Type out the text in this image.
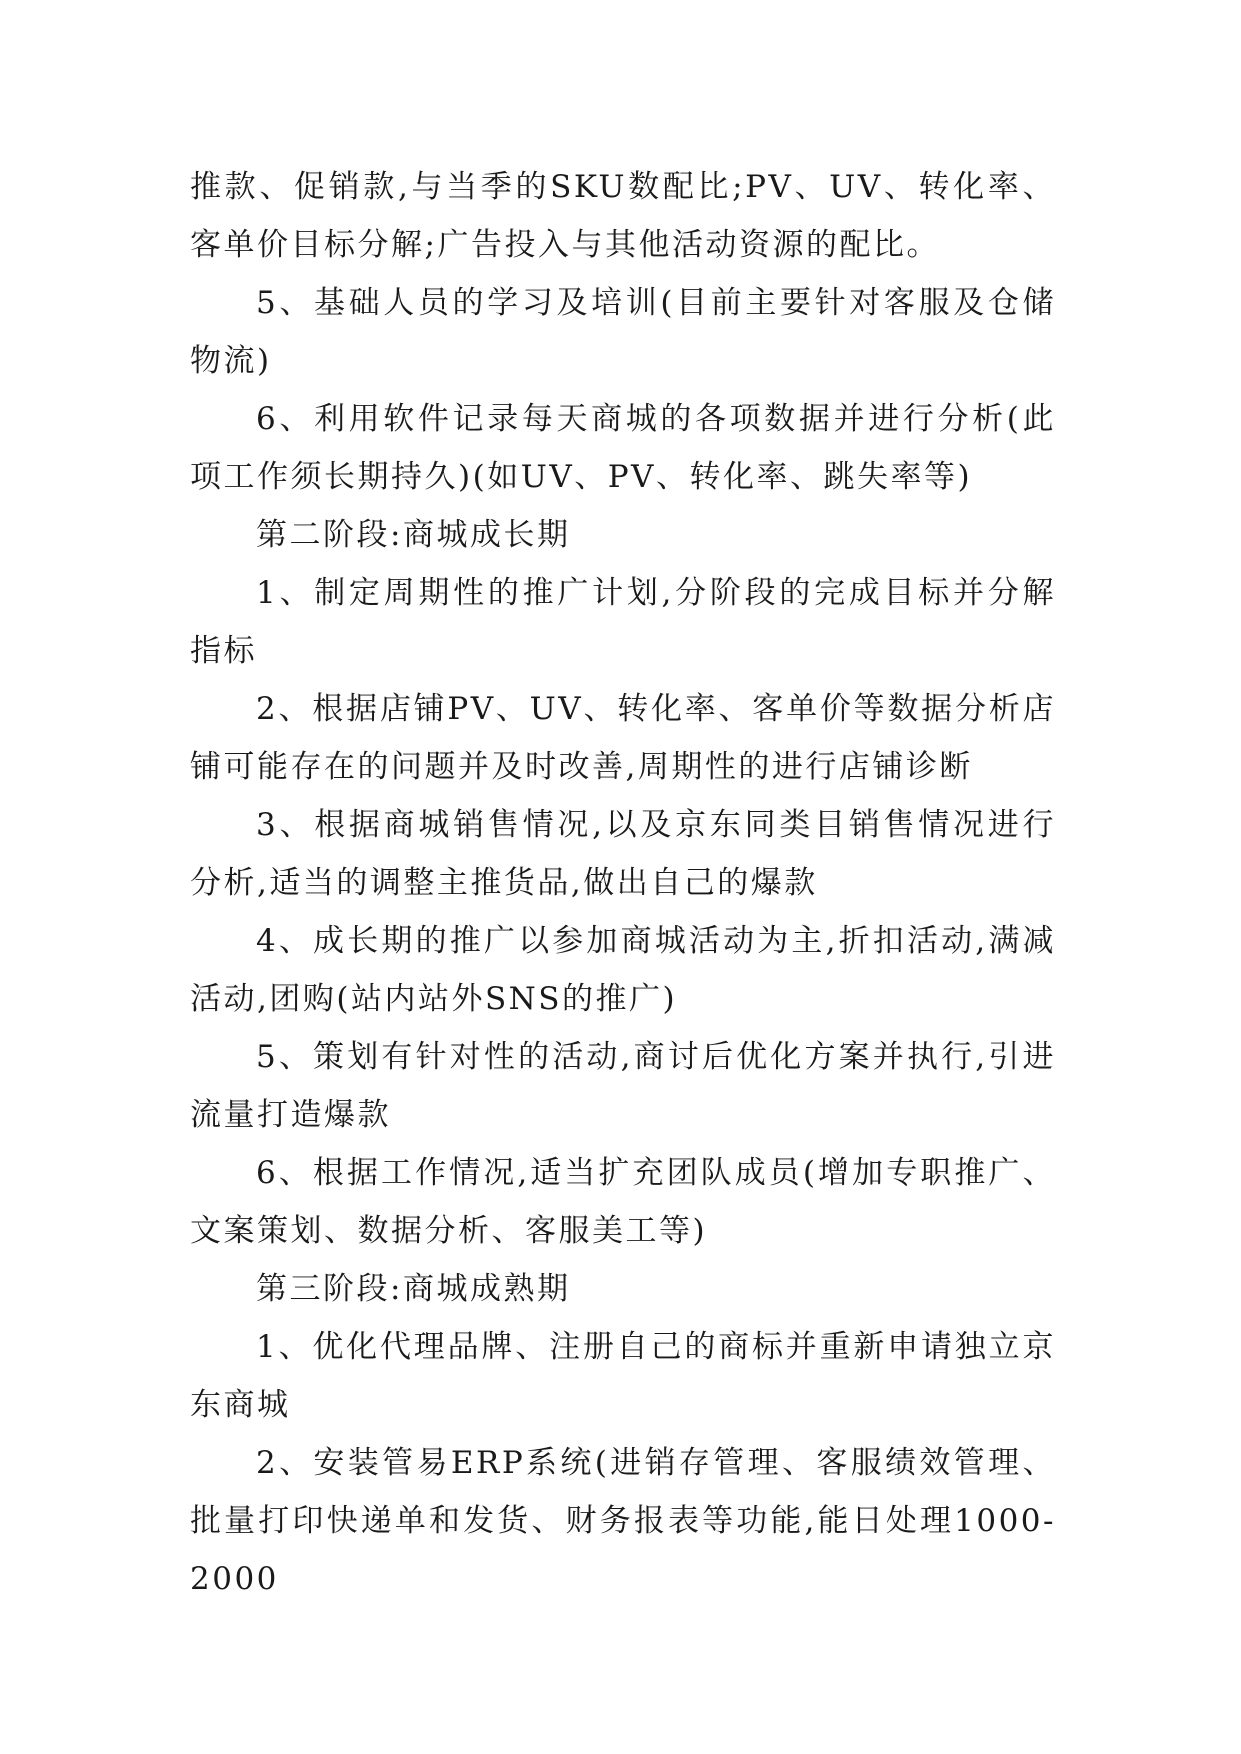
推款、促销款,与当季的SKU数配比;PV、UV、转化率、客单价目标分解;广告投入与其他活动资源的配比。

5、基础人员的学习及培训(目前主要针对客服及仓储物流)

6、利用软件记录每天商城的各项数据并进行分析(此项工作须长期持久)(如UV、PV、转化率、跳失率等)

第二阶段:商城成长期

1、制定周期性的推广计划,分阶段的完成目标并分解指标

2、根据店铺PV、UV、转化率、客单价等数据分析店铺可能存在的问题并及时改善,周期性的进行店铺诊断

3、根据商城销售情况,以及京东同类目销售情况进行分析,适当的调整主推货品,做出自己的爆款

4、成长期的推广以参加商城活动为主,折扣活动,满减活动,团购(站内站外SNS的推广)

5、策划有针对性的活动,商讨后优化方案并执行,引进流量打造爆款

6、根据工作情况,适当扩充团队成员(增加专职推广、文案策划、数据分析、客服美工等)

第三阶段:商城成熟期

1、优化代理品牌、注册自己的商标并重新申请独立京东商城

2、安装管易ERP系统(进销存管理、客服绩效管理、批量打印快递单和发货、财务报表等功能,能日处理1000-2000
